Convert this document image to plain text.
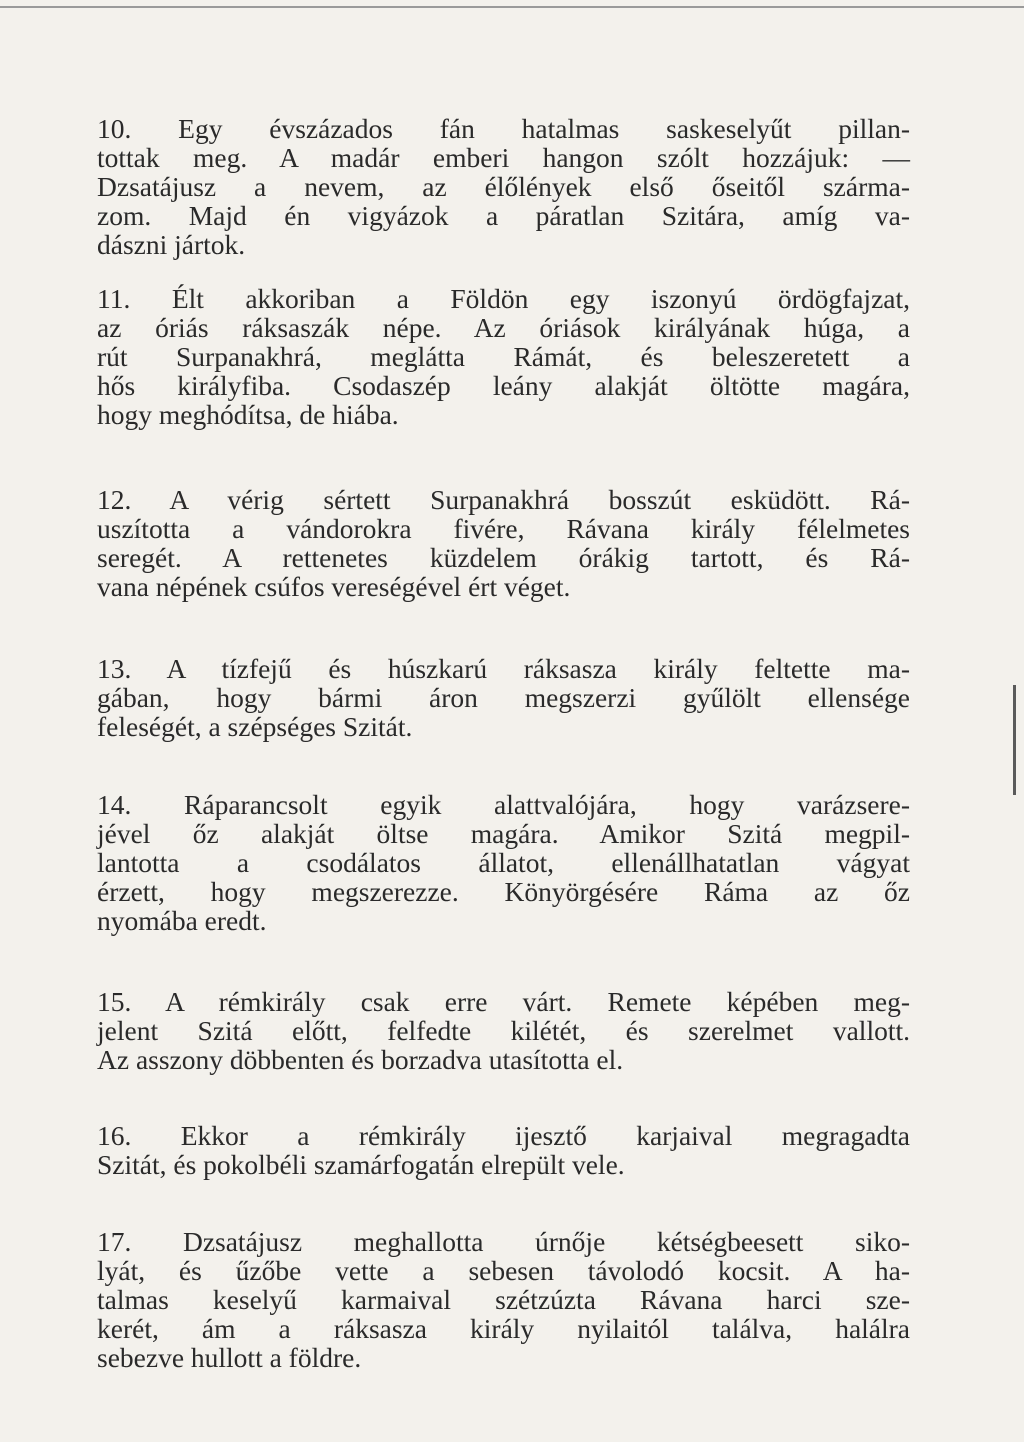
10. Egy évszázados fán hatalmas saskeselyűt pillan-
tottak meg. A madár emberi hangon szólt hozzájuk: —
Dzsatájusz a nevem, az élőlények első őseitől szárma-
zom. Majd én vigyázok a páratlan Szitára, amíg va-
dászni jártok.
11. Élt akkoriban a Földön egy iszonyú ördögfajzat,
az óriás ráksaszák népe. Az óriások királyának húga, a
rút Surpanakhrá, meglátta Rámát, és beleszeretett a
hős királyfiba. Csodaszép leány alakját öltötte magára,
hogy meghódítsa, de hiába.
12. A vérig sértett Surpanakhrá bosszút esküdött. Rá-
uszította a vándorokra fivére, Rávana király félelmetes
seregét. A rettenetes küzdelem órákig tartott, és Rá-
vana népének csúfos vereségével ért véget.
13. A tízfejű és húszkarú ráksasza király feltette ma-
gában, hogy bármi áron megszerzi gyűlölt ellensége
feleségét, a szépséges Szitát.
14. Ráparancsolt egyik alattvalójára, hogy varázsere-
jével őz alakját öltse magára. Amikor Szitá megpil-
lantotta a csodálatos állatot, ellenállhatatlan vágyat
érzett, hogy megszerezze. Könyörgésére Ráma az őz
nyomába eredt.
15. A rémkirály csak erre várt. Remete képében meg-
jelent Szitá előtt, felfedte kilétét, és szerelmet vallott.
Az asszony döbbenten és borzadva utasította el.
16. Ekkor a rémkirály ijesztő karjaival megragadta
Szitát, és pokolbéli szamárfogatán elrepült vele.
17. Dzsatájusz meghallotta úrnője kétségbeesett siko-
lyát, és űzőbe vette a sebesen távolodó kocsit. A ha-
talmas keselyű karmaival szétzúzta Rávana harci sze-
kerét, ám a ráksasza király nyilaitól találva, halálra
sebezve hullott a földre.
